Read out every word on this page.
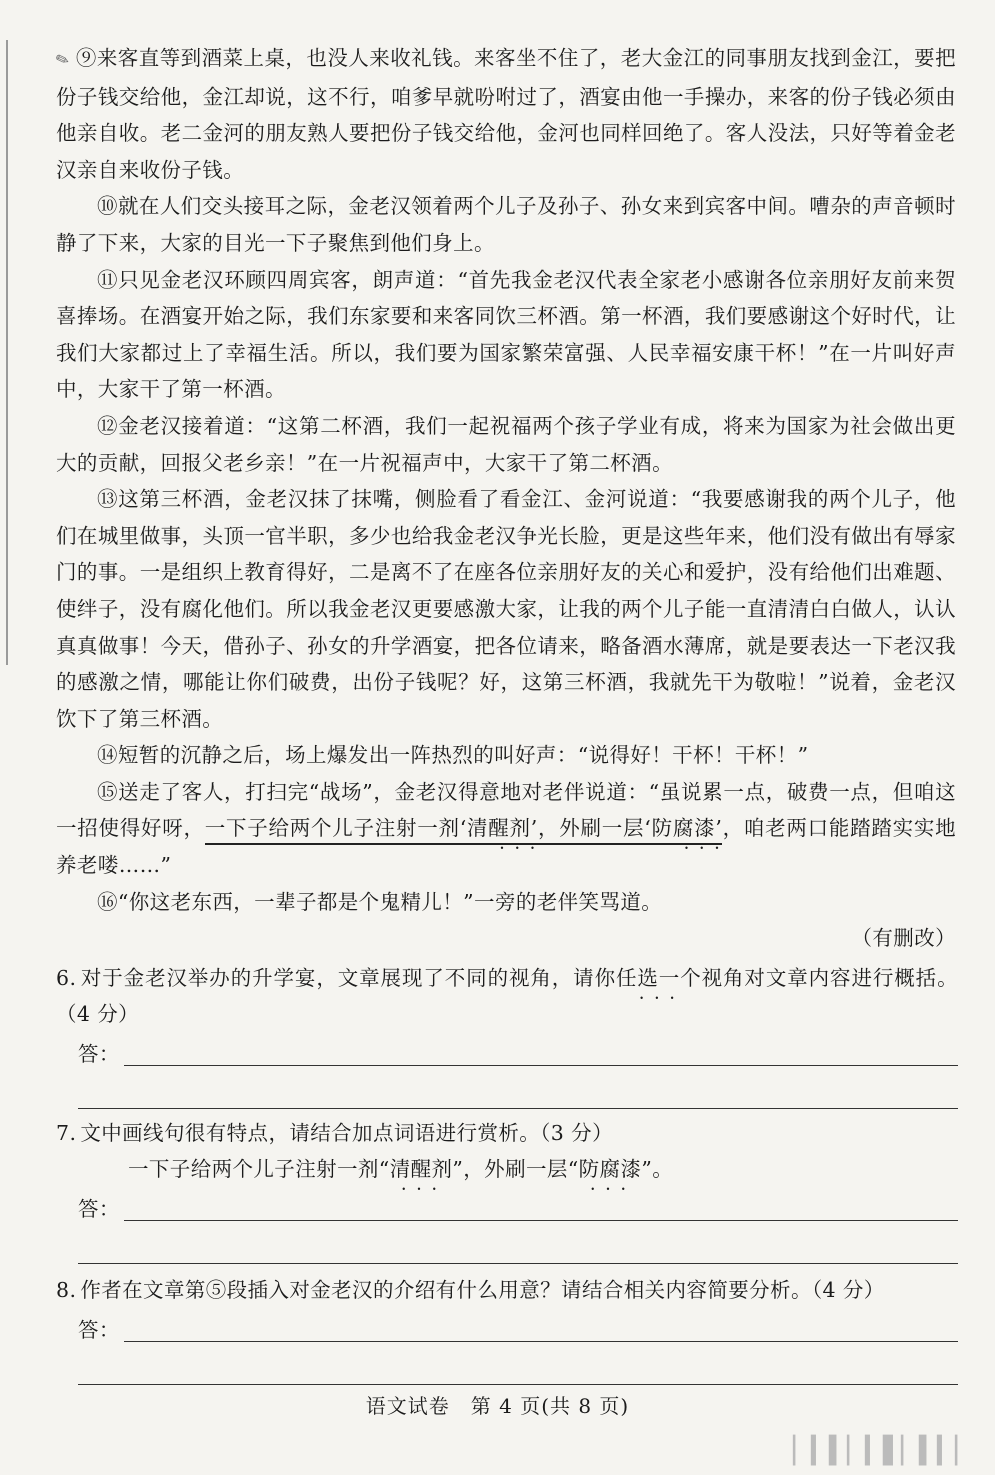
✎ ⑨来客直等到酒菜上桌，也没人来收礼钱。来客坐不住了，老大金江的同事朋友找到金江，要把份子钱交给他，金江却说，这不行，咱爹早就吩咐过了，酒宴由他一手操办，来客的份子钱必须由他亲自收。老二金河的朋友熟人要把份子钱交给他，金河也同样回绝了。客人没法，只好等着金老汉亲自来收份子钱。

⑩就在人们交头接耳之际，金老汉领着两个儿子及孙子、孙女来到宾客中间。嘈杂的声音顿时静了下来，大家的目光一下子聚焦到他们身上。

⑪只见金老汉环顾四周宾客，朗声道：“首先我金老汉代表全家老小感谢各位亲朋好友前来贺喜捧场。在酒宴开始之际，我们东家要和来客同饮三杯酒。第一杯酒，我们要感谢这个好时代，让我们大家都过上了幸福生活。所以，我们要为国家繁荣富强、人民幸福安康干杯！”在一片叫好声中，大家干了第一杯酒。

⑫金老汉接着道：“这第二杯酒，我们一起祝福两个孩子学业有成，将来为国家为社会做出更大的贡献，回报父老乡亲！”在一片祝福声中，大家干了第二杯酒。

⑬这第三杯酒，金老汉抹了抹嘴，侧脸看了看金江、金河说道：“我要感谢我的两个儿子，他们在城里做事，头顶一官半职，多少也给我金老汉争光长脸，更是这些年来，他们没有做出有辱家门的事。一是组织上教育得好，二是离不了在座各位亲朋好友的关心和爱护，没有给他们出难题、使绊子，没有腐化他们。所以我金老汉更要感激大家，让我的两个儿子能一直清清白白做人，认认真真做事！今天，借孙子、孙女的升学酒宴，把各位请来，略备酒水薄席，就是要表达一下老汉我的感激之情，哪能让你们破费，出份子钱呢？好，这第三杯酒，我就先干为敬啦！”说着，金老汉饮下了第三杯酒。

⑭短暂的沉静之后，场上爆发出一阵热烈的叫好声：“说得好！干杯！干杯！”

⑮送走了客人，打扫完“战场”，金老汉得意地对老伴说道：“虽说累一点，破费一点，但咱这一招使得好呀，一下子给两个儿子注射一剂‘清醒剂 • • •’，外刷一层‘防腐漆 • • •’，咱老两口能踏踏实实地养老喽……”

⑯“你这老东西，一辈子都是个鬼精儿！”一旁的老伴笑骂道。

（有删改）

6. 对于金老汉举办的升学宴，文章展现了不同的视角，请你任选一个 • • •视角对文章内容进行概括。（4 分）

答：

7. 文中画线句很有特点，请结合加点词语进行赏析。（3 分）

一下子给两个儿子注射一剂“清醒剂 • • •”，外刷一层“防腐漆 • • •”。

答：

8. 作者在文章第⑤段插入对金老汉的介绍有什么用意？请结合相关内容简要分析。（4 分）

答：
语文试卷　第 4 页(共 8 页)
▏▎▍▏▎▌▏▍▎▏
